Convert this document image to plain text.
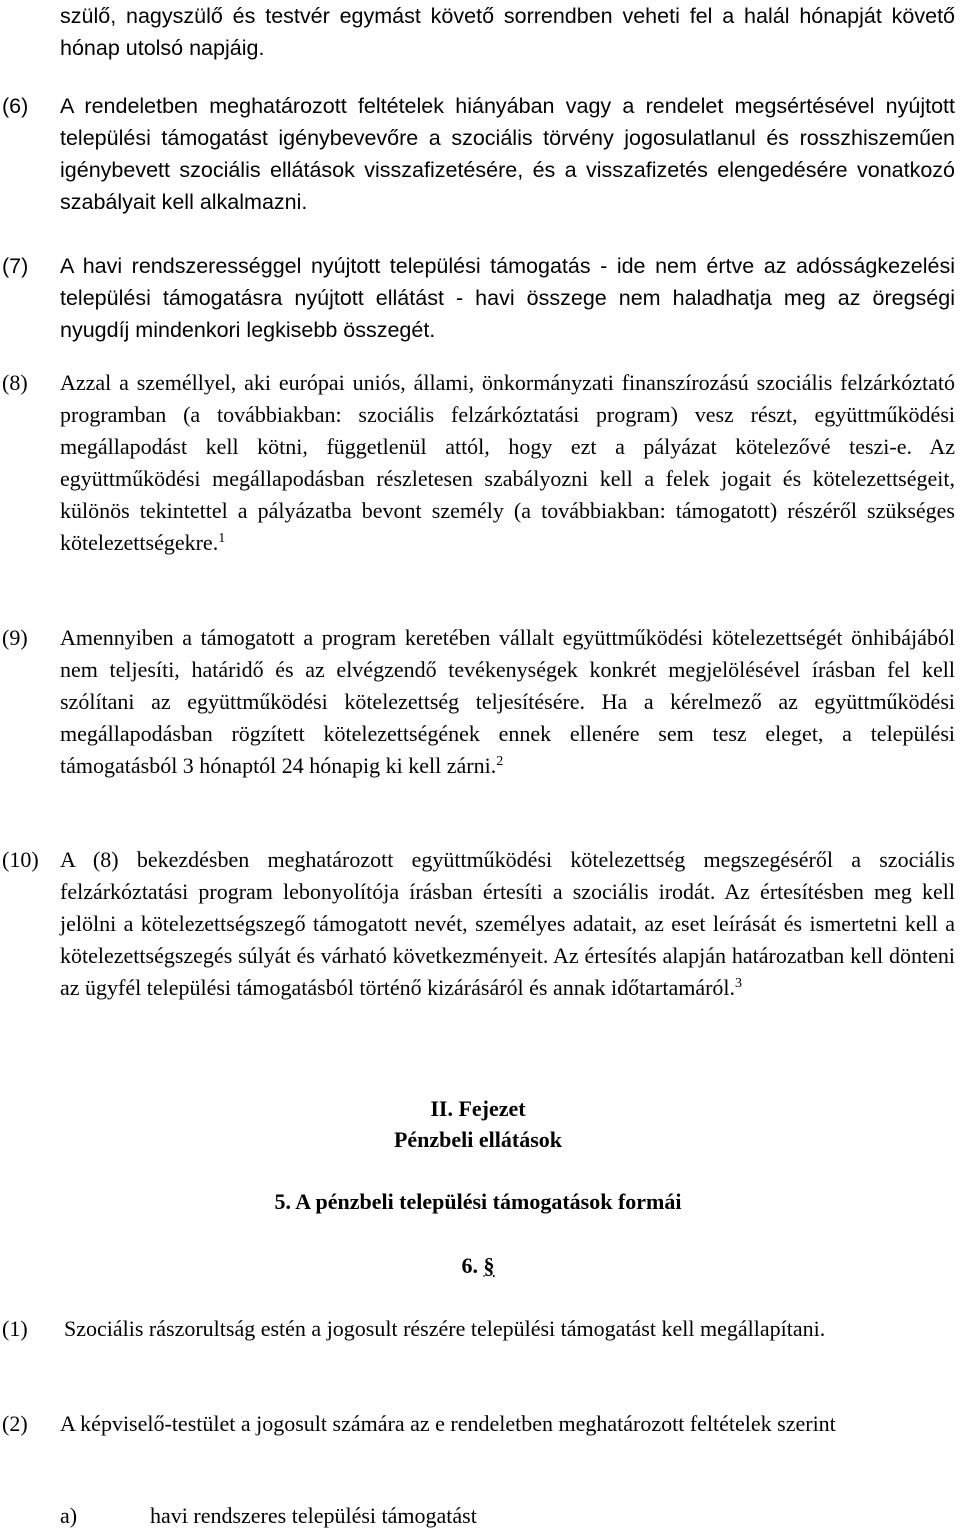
szülő, nagyszülő és testvér egymást követő sorrendben veheti fel a halál hónapját követő hónap utolsó napjáig.
(6) A rendeletben meghatározott feltételek hiányában vagy a rendelet megsértésével nyújtott települési támogatást igénybevevőre a szociális törvény jogosulatlanul és rosszhiszeműen igénybevett szociális ellátások visszafizetésére, és a visszafizetés elengedésére vonatkozó szabályait kell alkalmazni.
(7) A havi rendszerességgel nyújtott települési támogatás - ide nem értve az adósságkezelési települési támogatásra nyújtott ellátást - havi összege nem haladhatja meg az öregségi nyugdíj mindenkori legkisebb összegét.
(8) Azzal a személlyel, aki európai uniós, állami, önkormányzati finanszírozású szociális felzárkóztató programban (a továbbiakban: szociális felzárkóztatási program) vesz részt, együttműködési megállapodást kell kötni, függetlenül attól, hogy ezt a pályázat kötelezővé teszi-e. Az együttműködési megállapodásban részletesen szabályozni kell a felek jogait és kötelezettségeit, különös tekintettel a pályázatba bevont személy (a továbbiakban: támogatott) részéről szükséges kötelezettségekre.$^1$
(9) Amennyiben a támogatott a program keretében vállalt együttműködési kötelezettségét önhibájából nem teljesíti, határidő és az elvégzendő tevékenységek konkrét megjelölésével írásban fel kell szólítani az együttműködési kötelezettség teljesítésére. Ha a kérelmező az együttműködési megállapodásban rögzített kötelezettségének ennek ellenére sem tesz eleget, a települési támogatásból 3 hónaptól 24 hónapig ki kell zárni.$^2$
(10) A (8) bekezdésben meghatározott együttműködési kötelezettség megszegéséről a szociális felzárkóztatási program lebonyolítója írásban értesíti a szociális irodát. Az értesítésben meg kell jelölni a kötelezettségszegő támogatott nevét, személyes adatait, az eset leírását és ismertetni kell a kötelezettségszegés súlyát és várható következményeit. Az értesítés alapján határozatban kell dönteni az ügyfél települési támogatásból történő kizárásáról és annak időtartamáról.$^3$
II. Fejezet
Pénzbeli ellátások
5. A pénzbeli települési támogatások formái
6. §
(1) Szociális rászorultság estén a jogosult részére települési támogatást kell megállapítani.
(2) A képviselő-testület a jogosult számára az e rendeletben meghatározott feltételek szerint
a)	havi rendszeres települési támogatást
